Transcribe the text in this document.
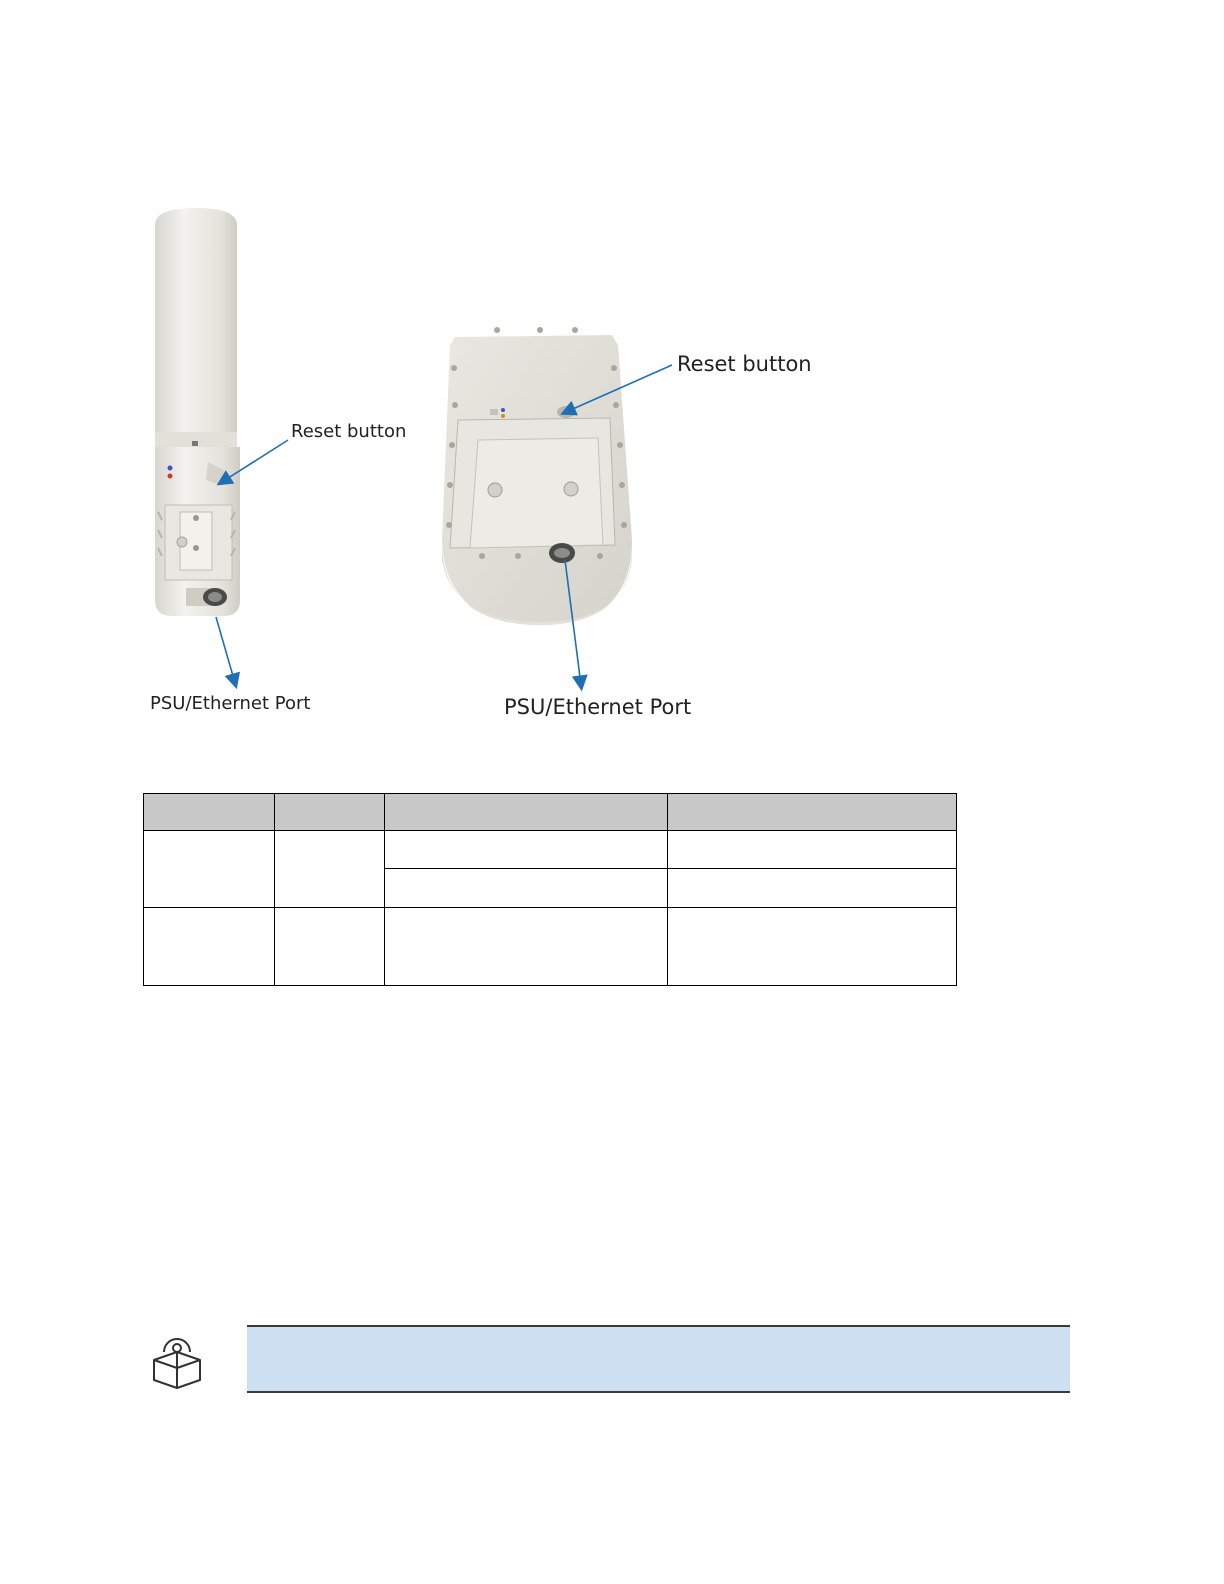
Reset button
PSU/Ethernet Port
Reset button
PSU/Ethernet Port
